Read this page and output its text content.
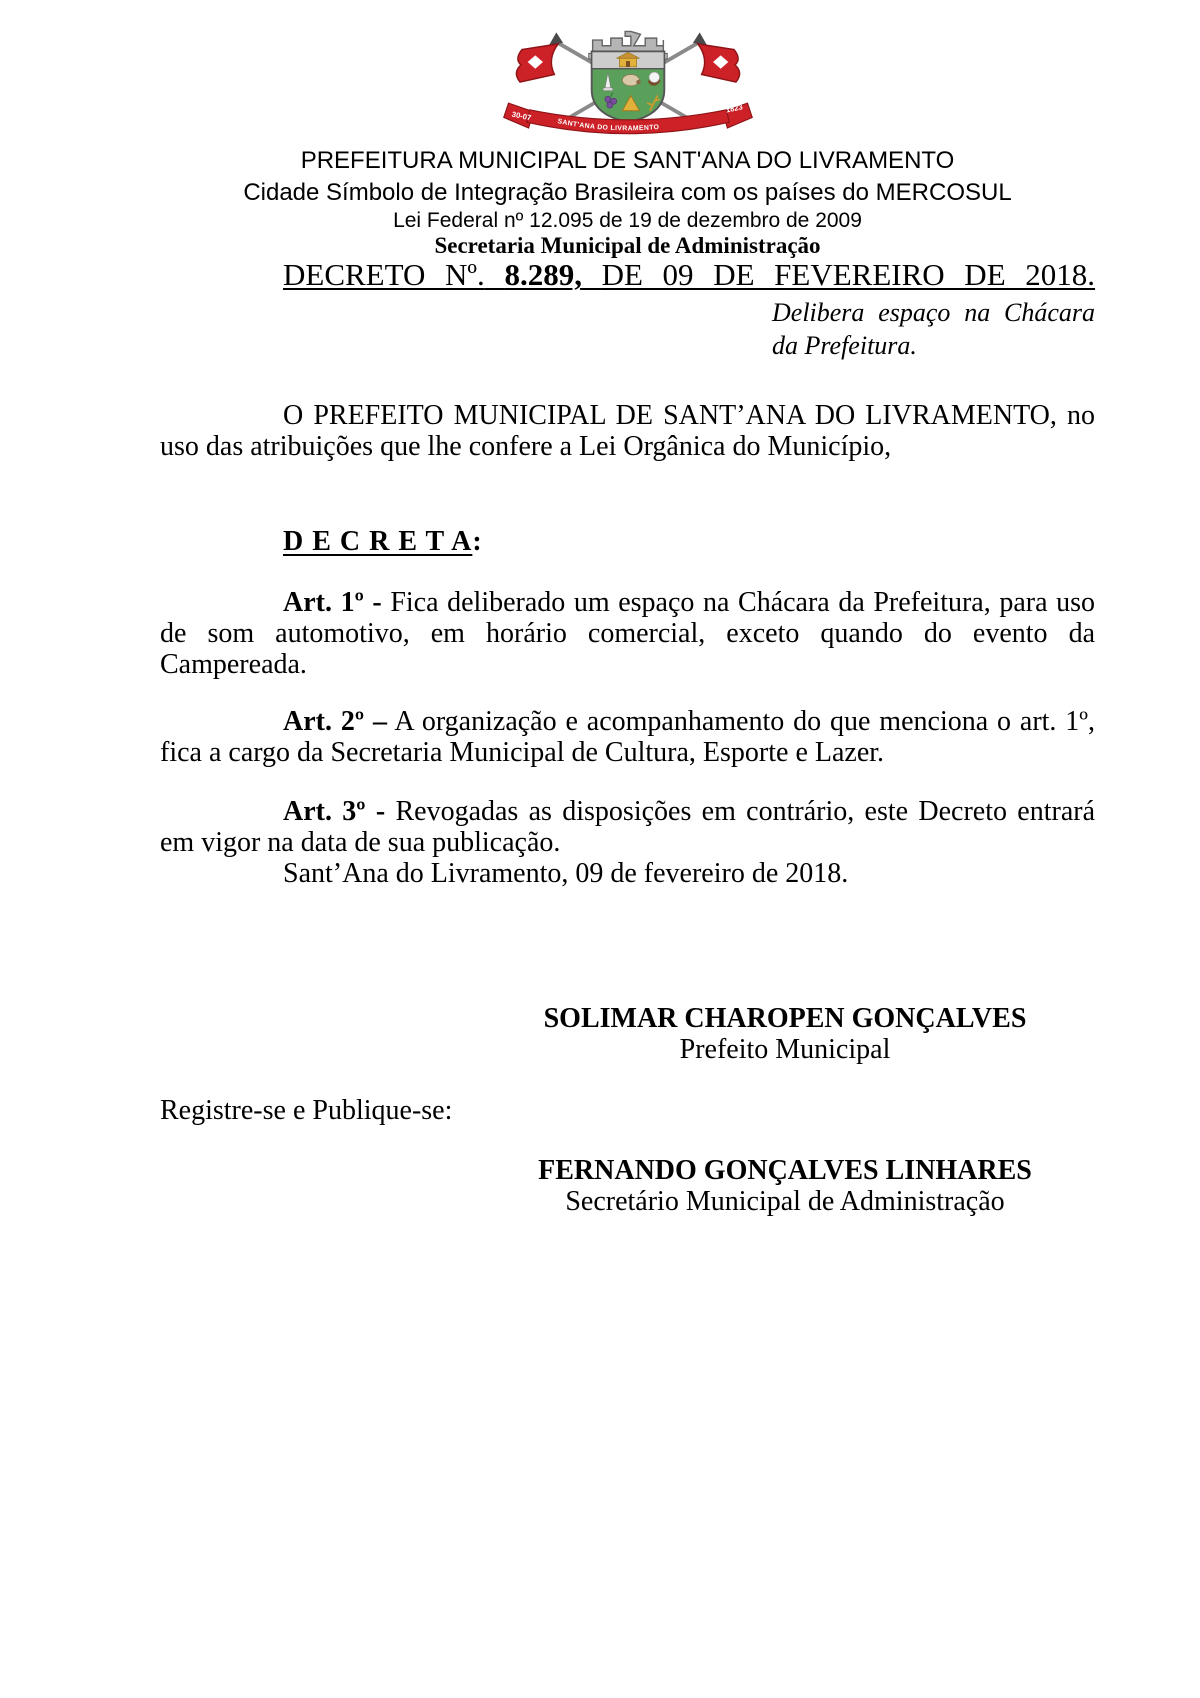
30-07
1823
SANT'ANA DO LIVRAMENTO
PREFEITURA MUNICIPAL DE SANT'ANA DO LIVRAMENTO
Cidade Símbolo de Integração Brasileira com os países do MERCOSUL
Lei Federal nº 12.095 de 19 de dezembro de 2009
Secretaria Municipal de Administração
DECRETO Nº. 8.289, DE 09 DE FEVEREIRO DE 2018.
Delibera espaço na Chácara da Prefeitura.

O PREFEITO MUNICIPAL DE SANT’ANA DO LIVRAMENTO, no uso das atribuições que lhe confere a Lei Orgânica do Município,

D E C R E T A:

Art. 1º - Fica deliberado um espaço na Chácara da Prefeitura, para uso de som automotivo, em horário comercial, exceto quando do evento da Campereada.

Art. 2º – A organização e acompanhamento do que menciona o art. 1º, fica a cargo da Secretaria Municipal de Cultura, Esporte e Lazer.

Art. 3º - Revogadas as disposições em contrário, este Decreto entrará em vigor na data de sua publicação.

Sant’Ana do Livramento, 09 de fevereiro de 2018.

SOLIMAR CHAROPEN GONÇALVES
Prefeito Municipal
Registre-se e Publique-se:
FERNANDO GONÇALVES LINHARES
Secretário Municipal de Administração
